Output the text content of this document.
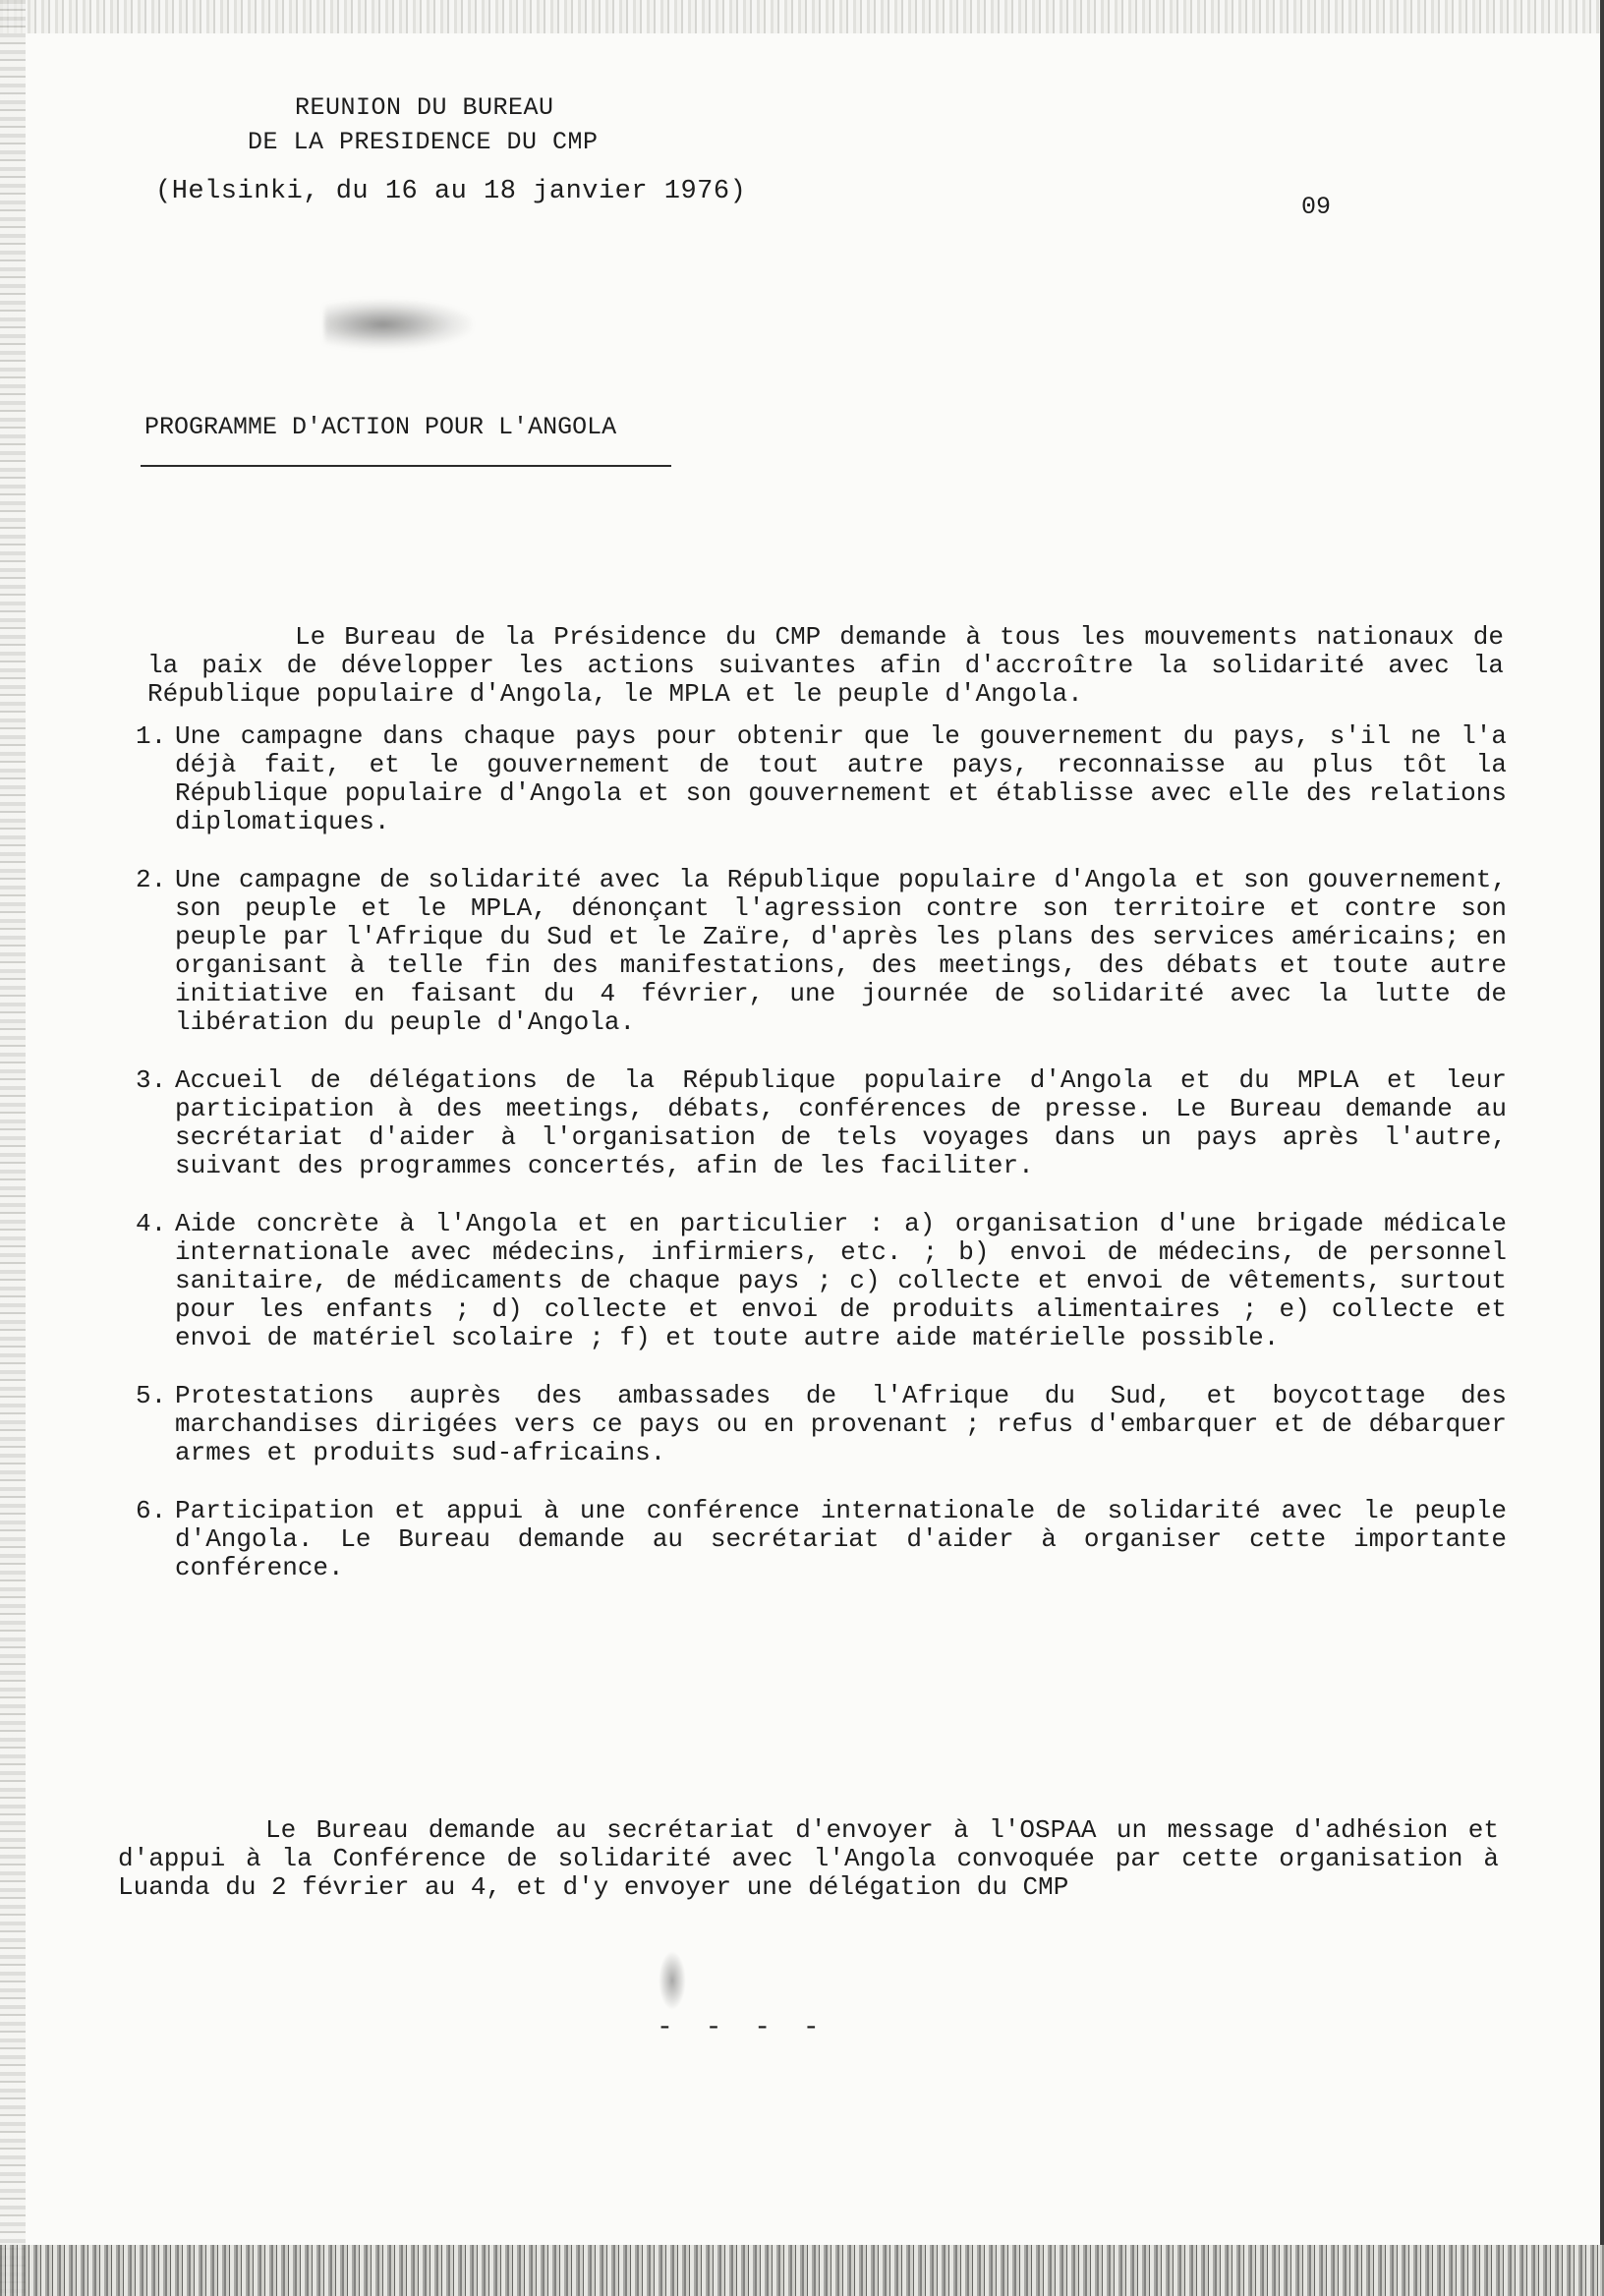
REUNION DU BUREAU
DE LA PRESIDENCE DU CMP
(Helsinki, du 16 au 18 janvier 1976)
09
PROGRAMME D'ACTION POUR L'ANGOLA

Le Bureau de la Présidence du CMP demande à tous les mouvements nationaux de la paix de développer les actions suivantes afin d'accroître la solidarité avec la République populaire d'Angola, le MPLA et le peuple d'Angola.

1. Une campagne dans chaque pays pour obtenir que le gouvernement du pays, s'il ne l'a déjà fait, et le gouvernement de tout autre pays, reconnaisse au plus tôt la République populaire d'Angola et son gouvernement et établisse avec elle des relations diplomatiques.
2. Une campagne de solidarité avec la République populaire d'Angola et son gouvernement, son peuple et le MPLA, dénonçant l'agression contre son territoire et contre son peuple par l'Afrique du Sud et le Zaïre, d'après les plans des services américains; en organisant à telle fin des manifestations, des meetings, des débats et toute autre initiative en faisant du 4 février, une journée de solidarité avec la lutte de libération du peuple d'Angola.
3. Accueil de délégations de la République populaire d'Angola et du MPLA et leur participation à des meetings, débats, conférences de presse. Le Bureau demande au secrétariat d'aider à l'organisation de tels voyages dans un pays après l'autre, suivant des programmes concertés, afin de les faciliter.
4. Aide concrète à l'Angola et en particulier : a) organisation d'une brigade médicale internationale avec médecins, infirmiers, etc. ; b) envoi de médecins, de personnel sanitaire, de médicaments de chaque pays ; c) collecte et envoi de vêtements, surtout pour les enfants ; d) collecte et envoi de produits alimentaires ; e) collecte et envoi de matériel scolaire ; f) et toute autre aide matérielle possible.
5. Protestations auprès des ambassades de l'Afrique du Sud, et boycottage des marchandises dirigées vers ce pays ou en provenant ; refus d'embarquer et de débarquer armes et produits sud-africains.
6. Participation et appui à une conférence internationale de solidarité avec le peuple d'Angola. Le Bureau demande au secrétariat d'aider à organiser cette importante conférence.

Le Bureau demande au secrétariat d'envoyer à l'OSPAA un message d'adhésion et d'appui à la Conférence de solidarité avec l'Angola convoquée par cette organisation à Luanda du 2 février au 4, et d'y envoyer une délégation du CMP

- - - -
